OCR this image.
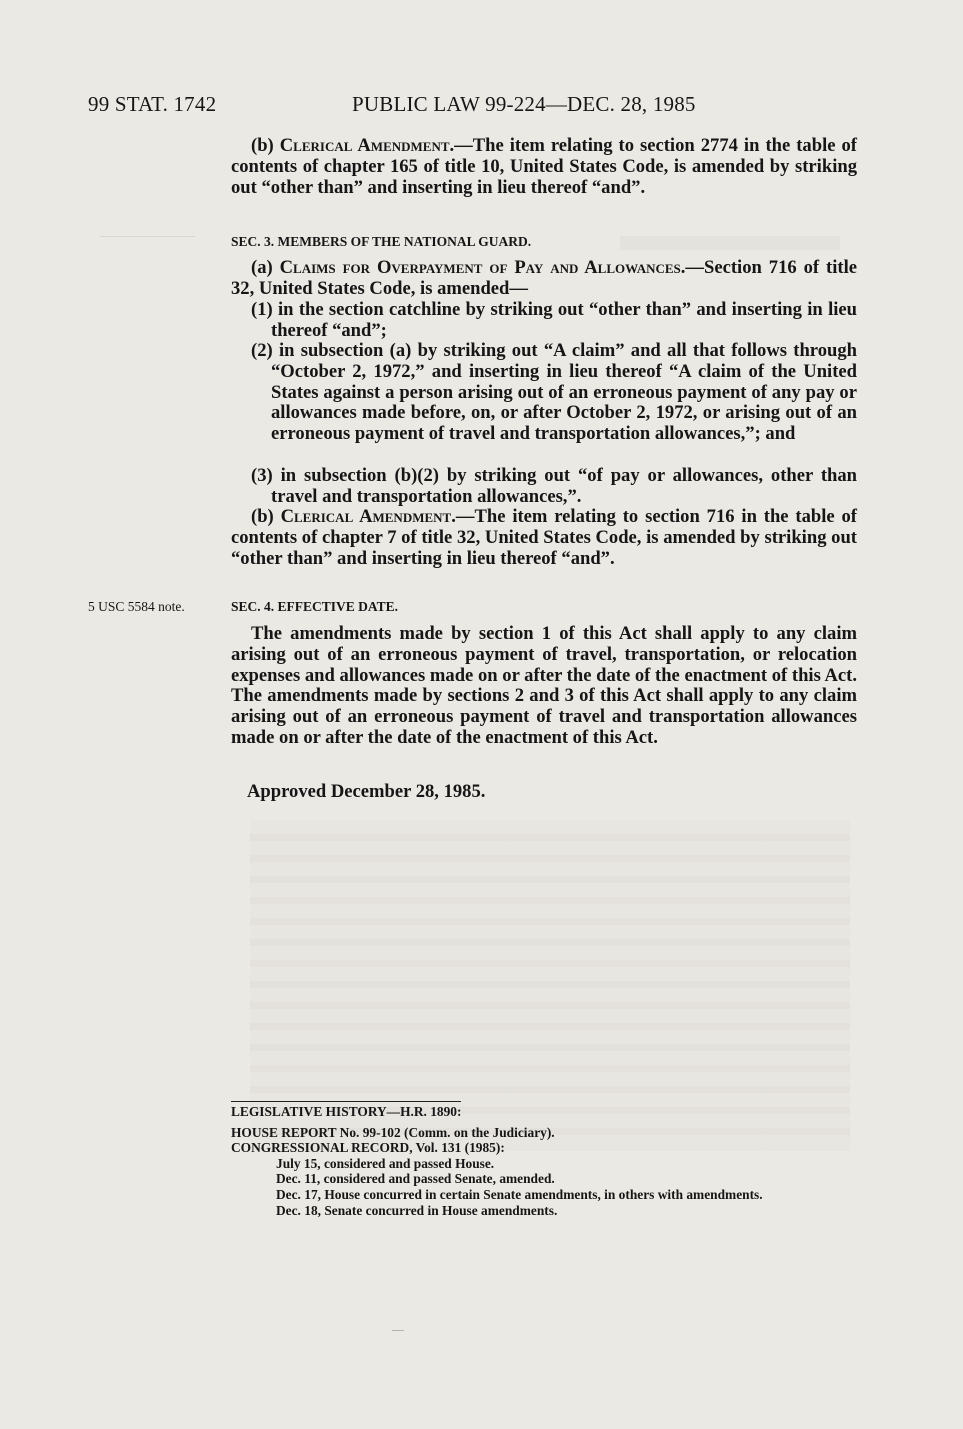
99 STAT. 1742	PUBLIC LAW 99-224—DEC. 28, 1985
(b) Clerical Amendment.—The item relating to section 2774 in the table of contents of chapter 165 of title 10, United States Code, is amended by striking out “other than” and inserting in lieu thereof “and”.
SEC. 3. MEMBERS OF THE NATIONAL GUARD.
(a) Claims for Overpayment of Pay and Allowances.—Section 716 of title 32, United States Code, is amended—
(1) in the section catchline by striking out “other than” and inserting in lieu thereof “and”;
(2) in subsection (a) by striking out “A claim” and all that follows through “October 2, 1972,” and inserting in lieu thereof “A claim of the United States against a person arising out of an erroneous payment of any pay or allowances made before, on, or after October 2, 1972, or arising out of an erroneous payment of travel and transportation allowances,”; and
(3) in subsection (b)(2) by striking out “of pay or allowances, other than travel and transportation allowances,”.
(b) Clerical Amendment.—The item relating to section 716 in the table of contents of chapter 7 of title 32, United States Code, is amended by striking out “other than” and inserting in lieu thereof “and”.
5 USC 5584 note.	SEC. 4. EFFECTIVE DATE.
The amendments made by section 1 of this Act shall apply to any claim arising out of an erroneous payment of travel, transportation, or relocation expenses and allowances made on or after the date of the enactment of this Act. The amendments made by sections 2 and 3 of this Act shall apply to any claim arising out of an erroneous payment of travel and transportation allowances made on or after the date of the enactment of this Act.
Approved December 28, 1985.
LEGISLATIVE HISTORY—H.R. 1890:
HOUSE REPORT No. 99-102 (Comm. on the Judiciary).
CONGRESSIONAL RECORD, Vol. 131 (1985):
July 15, considered and passed House.
Dec. 11, considered and passed Senate, amended.
Dec. 17, House concurred in certain Senate amendments, in others with amendments.
Dec. 18, Senate concurred in House amendments.
